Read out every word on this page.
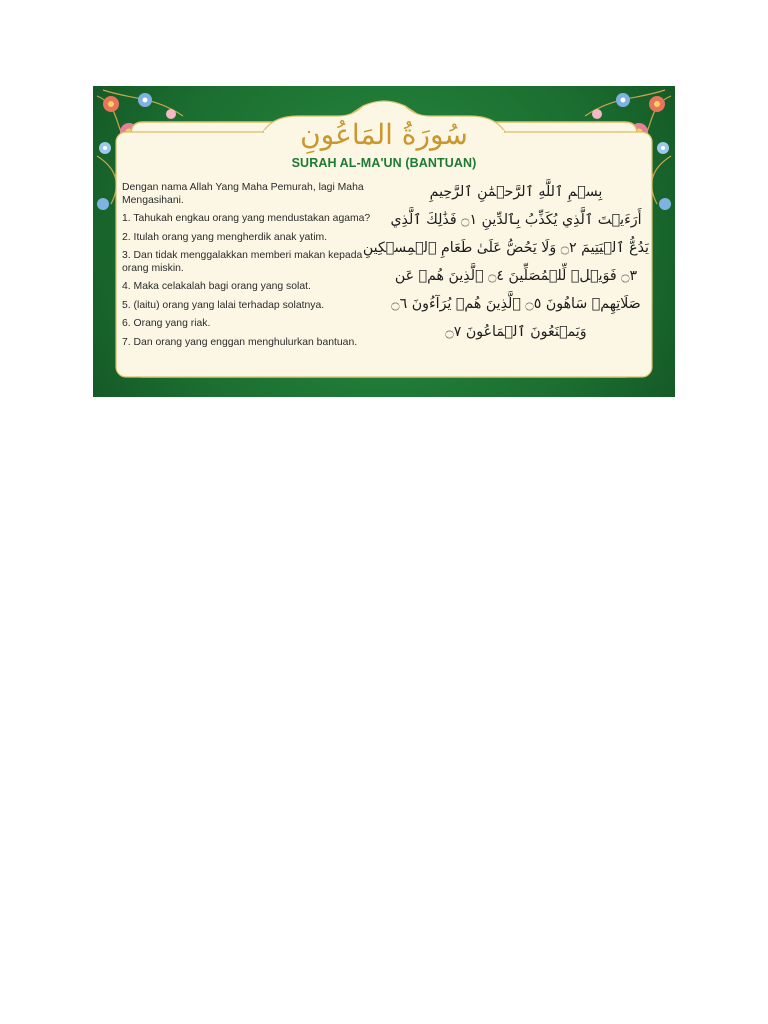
سُورَةُ المَاعُونِ
SURAH AL-MA'UN (BANTUAN)
Dengan nama Allah Yang Maha Pemurah, lagi Maha Mengasihani.
1. Tahukah engkau orang yang mendustakan agama?
2. Itulah orang yang mengherdik anak yatim.
3. Dan tidak menggalakkan memberi makan kepada orang miskin.
4. Maka celakalah bagi orang yang solat.
5. (laitu) orang yang lalai terhadap solatnya.
6. Orang yang riak.
7. Dan orang yang enggan menghulurkan bantuan.
بِسۡمِ ٱللَّهِ ٱلرَّحۡمَٰنِ ٱلرَّحِيمِ
أَرَءَيۡتَ ٱلَّذِي يُكَذِّبُ بِٱلدِّينِ ۝١ فَذَٰلِكَ ٱلَّذِي
يَدُعُّ ٱلۡيَتِيمَ ۝٢ وَلَا يَحُضُّ عَلَىٰ طَعَامِ ٱلۡمِسۡكِينِ
۝٣ فَوَيۡلٞ لِّلۡمُصَلِّينَ ۝٤ ٱلَّذِينَ هُمۡ عَن
صَلَاتِهِمۡ سَاهُونَ ۝٥ ٱلَّذِينَ هُمۡ يُرَآءُونَ ۝٦
وَيَمۡنَعُونَ ٱلۡمَاعُونَ ۝٧
